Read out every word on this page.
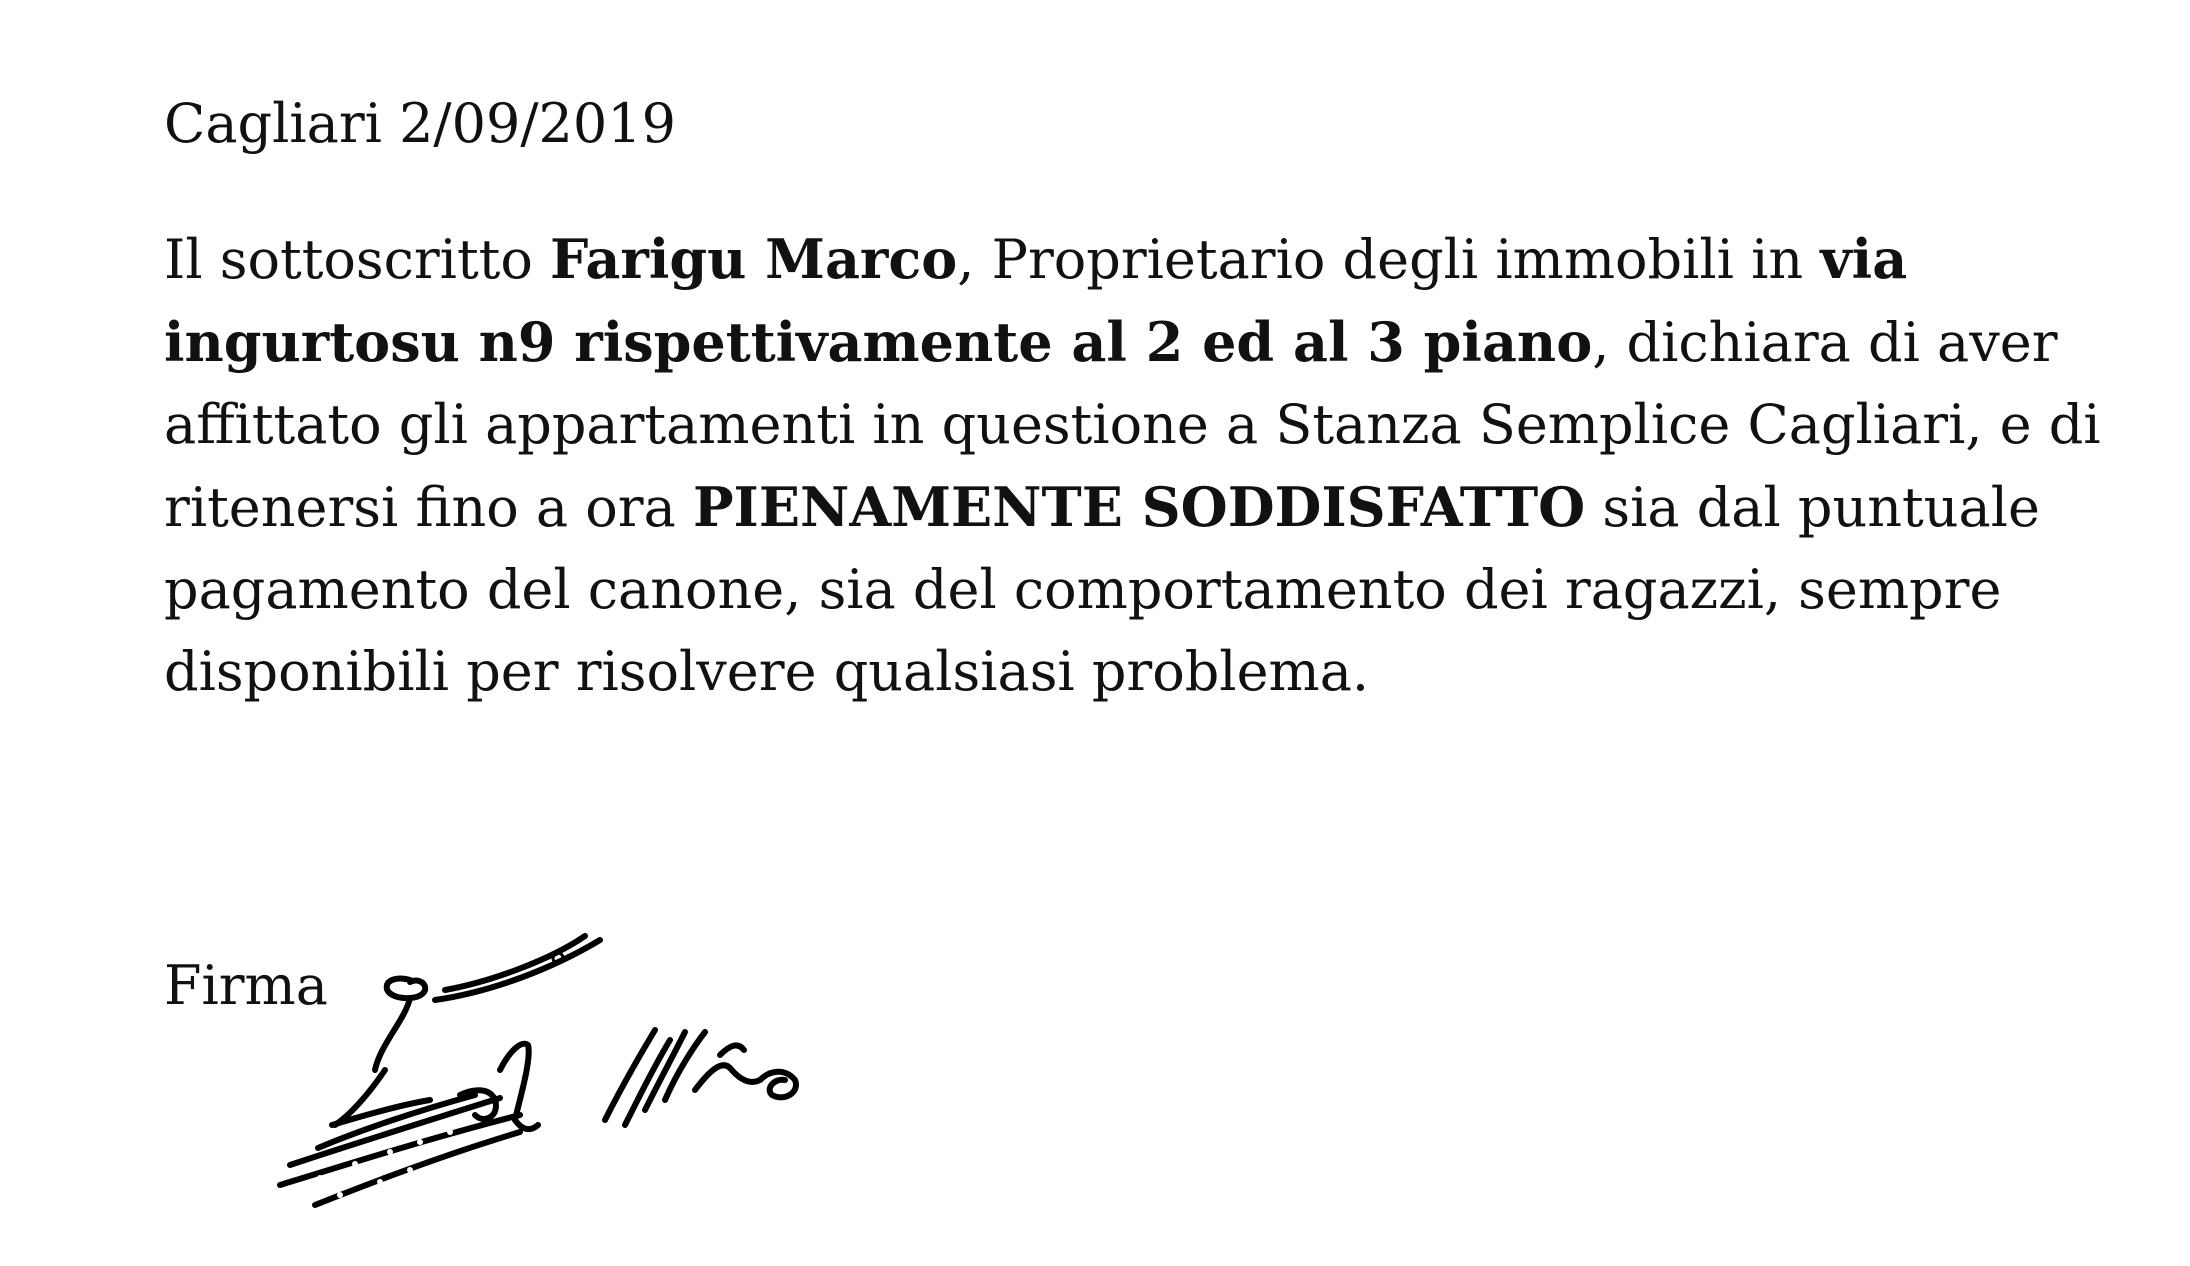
Cagliari 2/09/2019
Il sottoscritto Farigu Marco, Proprietario degli immobili in via
ingurtosu n9 rispettivamente al 2 ed al 3 piano, dichiara di aver
affittato gli appartamenti in questione a Stanza Semplice Cagliari, e di
ritenersi fino a ora PIENAMENTE SODDISFATTO sia dal puntuale
pagamento del canone, sia del comportamento dei ragazzi, sempre
disponibili per risolvere qualsiasi problema.
Firma
